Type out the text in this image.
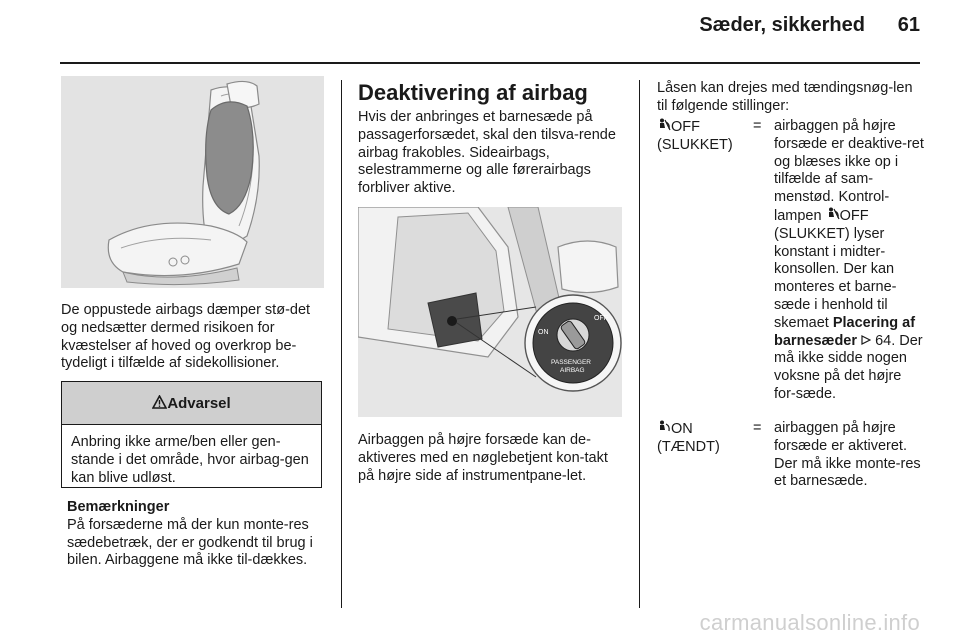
Sæder, sikkerhed 61
De oppustede airbags dæmper stø-det og nedsætter dermed risikoen for kvæstelser af hoved og overkrop be-tydeligt i tilfælde af sidekollisioner.
Advarsel
Anbring ikke arme/ben eller gen-stande i det område, hvor airbag-gen kan blive udløst.
Bemærkninger
På forsæderne må der kun monte-res sædebetræk, der er godkendt til brug i bilen. Airbaggene må ikke til-dækkes.
Deaktivering af airbag
Hvis der anbringes et barnesæde på passagerforsædet, skal den tilsva-rende airbag frakobles. Sideairbags, selestrammerne og alle førerairbags forbliver aktive.
ON
OFF
PASSENGER
AIRBAG
Airbaggen på højre forsæde kan de-aktiveres med en nøglebetjent kon-takt på højre side af instrumentpane-let.
Låsen kan drejes med tændingsnøg-len til følgende stillinger:
OFF
(SLUKKET)
= airbaggen på højre forsæde er deaktive-ret og blæses ikke op i tilfælde af sam-menstød. Kontrol-lampen OFF (SLUKKET) lyser konstant i midter-konsollen. Der kan monteres et barne-sæde i henhold til skemaet Placering af barnesæder 64. Der må ikke sidde nogen voksne på det højre for-sæde.
ON
(TÆNDT)
= airbaggen på højre forsæde er aktiveret. Der må ikke monte-res et barnesæde.
carmanualsonline.info
